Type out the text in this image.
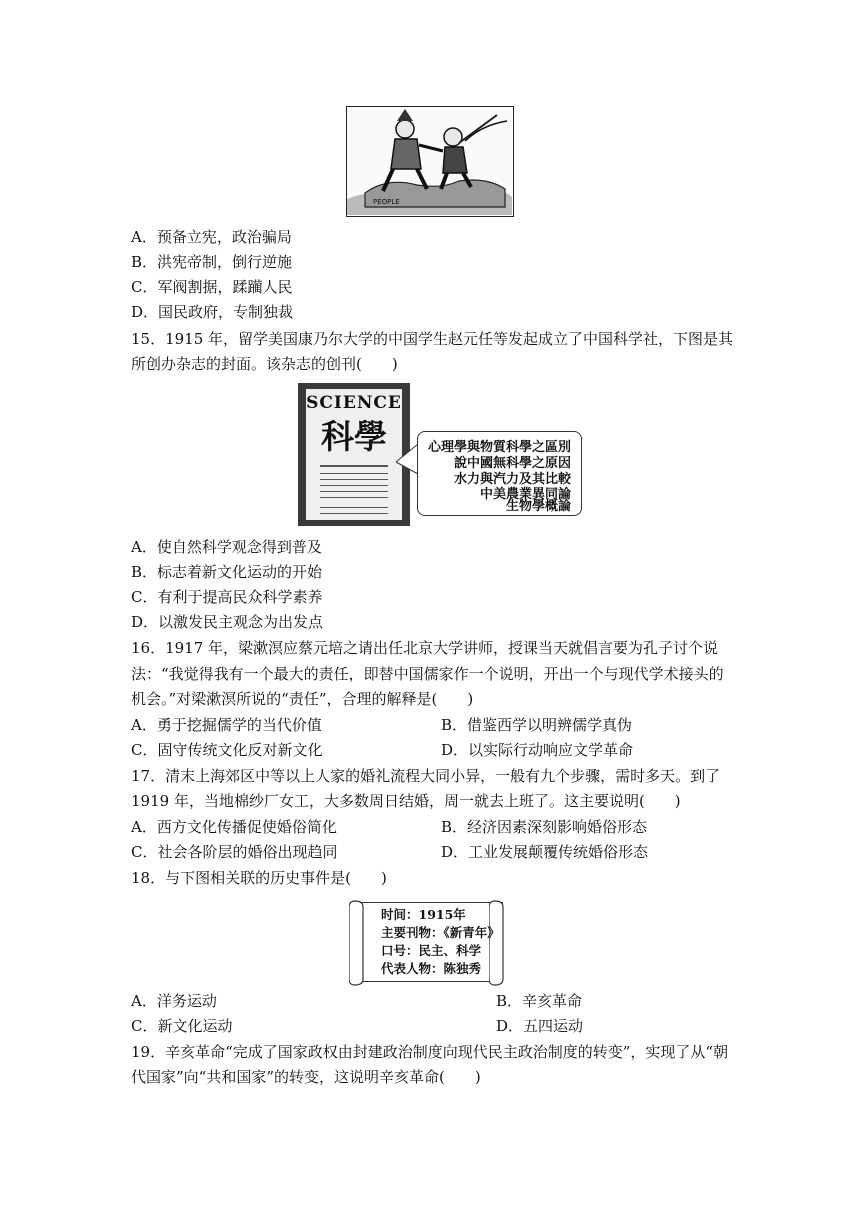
PEOPLE
A．预备立宪，政治骗局
B．洪宪帝制，倒行逆施
C．军阀割据，蹂躏人民
D．国民政府，专制独裁
15．1915 年，留学美国康乃尔大学的中国学生赵元任等发起成立了中国科学社，下图是其
所创办杂志的封面。该杂志的创刊(　　)
SCIENCE
科學	心理學與物質科學之區別
說中國無科學之原因
水力與汽力及其比較
中美農業異同論
生物學概論
A．使自然科学观念得到普及
B．标志着新文化运动的开始
C．有利于提高民众科学素养
D．以激发民主观念为出发点
16．1917 年，梁漱溟应蔡元培之请出任北京大学讲师，授课当天就倡言要为孔子讨个说
法：“我觉得我有一个最大的责任，即替中国儒家作一个说明，开出一个与现代学术接头的
机会。”对梁漱溟所说的“责任”，合理的解释是(　　)
A．勇于挖掘儒学的当代价值	B．借鉴西学以明辨儒学真伪
C．固守传统文化反对新文化	D．以实际行动响应文学革命
17．清末上海郊区中等以上人家的婚礼流程大同小异，一般有九个步骤，需时多天。到了
1919 年，当地棉纱厂女工，大多数周日结婚，周一就去上班了。这主要说明(　　)
A．西方文化传播促使婚俗简化	B．经济因素深刻影响婚俗形态
C．社会各阶层的婚俗出现趋同	D．工业发展颠覆传统婚俗形态
18．与下图相关联的历史事件是(　　)
时间：1915年
主要刊物：《新青年》
口号：民主、科学
代表人物：陈独秀
A．洋务运动	B．辛亥革命
C．新文化运动	D．五四运动
19．辛亥革命“完成了国家政权由封建政治制度向现代民主政治制度的转变”，实现了从“朝
代国家”向“共和国家”的转变，这说明辛亥革命(　　)
